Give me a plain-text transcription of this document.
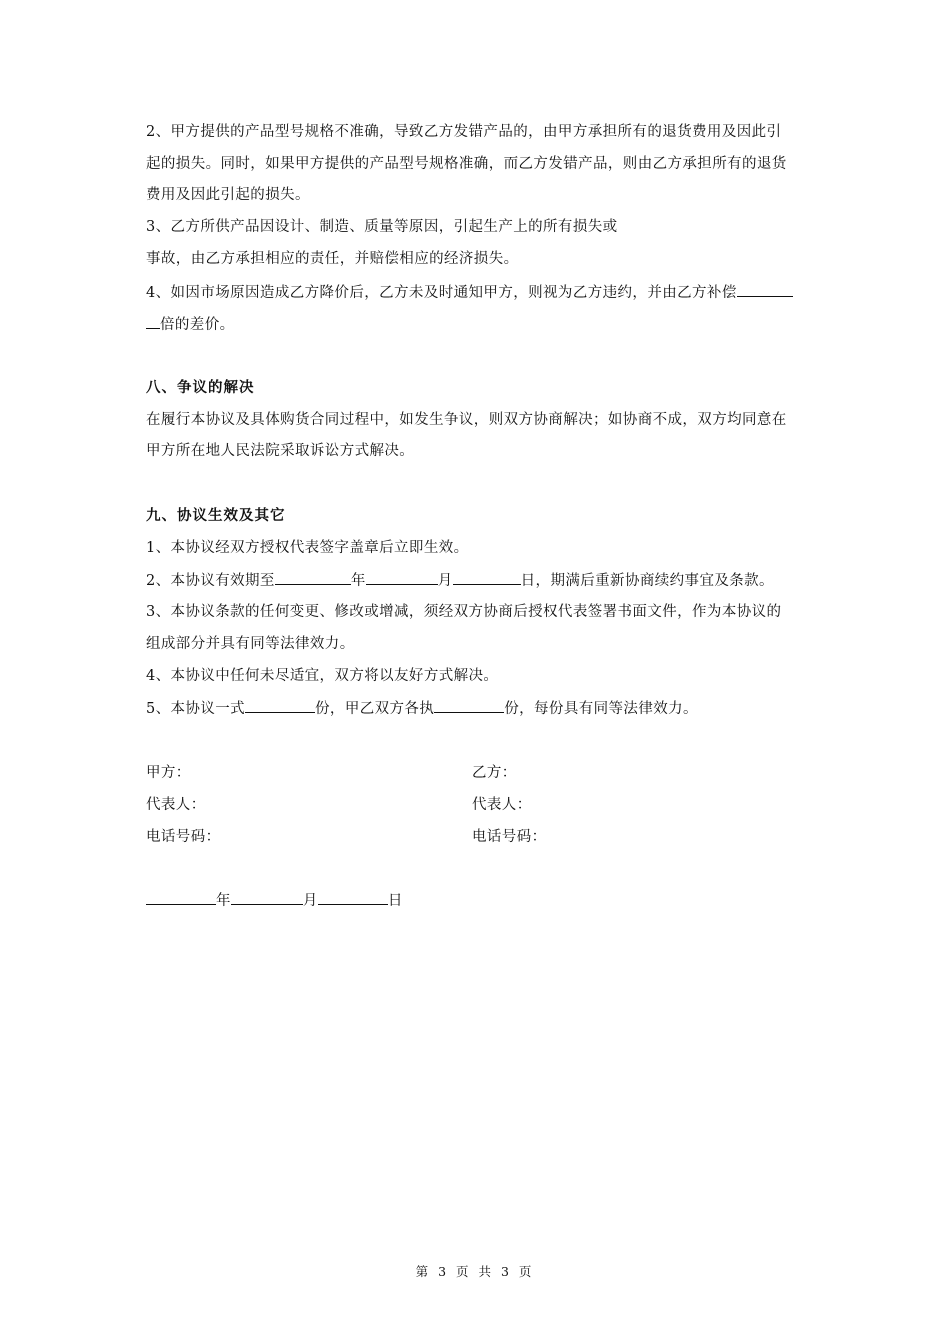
2、甲方提供的产品型号规格不准确，导致乙方发错产品的，由甲方承担所有的退货费用及因此引
起的损失。同时，如果甲方提供的产品型号规格准确，而乙方发错产品，则由乙方承担所有的退货
费用及因此引起的损失。
3、乙方所供产品因设计、制造、质量等原因，引起生产上的所有损失或
事故，由乙方承担相应的责任，并赔偿相应的经济损失。
4、如因市场原因造成乙方降价后，乙方未及时通知甲方，则视为乙方违约，并由乙方补偿
倍的差价。
八、争议的解决
在履行本协议及具体购货合同过程中，如发生争议，则双方协商解决；如协商不成，双方均同意在
甲方所在地人民法院采取诉讼方式解决。
九、协议生效及其它
1、本协议经双方授权代表签字盖章后立即生效。
2、本协议有效期至	年	月	日，期满后重新协商续约事宜及条款。
3、本协议条款的任何变更、修改或增减，须经双方协商后授权代表签署书面文件，作为本协议的
组成部分并具有同等法律效力。
4、本协议中任何未尽适宜，双方将以友好方式解决。
5、本协议一式	份，甲乙双方各执	份，每份具有同等法律效力。
甲方：	乙方：
代表人：	代表人：
电话号码：	电话号码：
年	月	日
第 3 页 共 3 页
